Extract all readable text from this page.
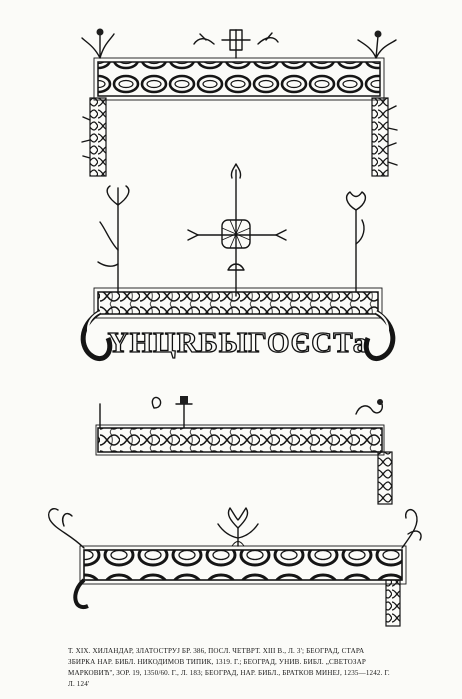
ҮНЦRБЫГОЄСТа
Т. XIX. ХИЛАНДАР, ЗЛАТОСТРУЈ БР. 386, ПОСЛ. ЧЕТВРТ. XIII В., Л. 3'; БЕОГРАД, СТАРА
ЗБИРКА НАР. БИБЛ. НИКОДИМОВ ТИПИК, 1319. Г.; БЕОГРАД, УНИВ. БИБЛ. „СВЕТОЗАР
МАРКОВИЋ", ЗОР. 19, 1350/60. Г., Л. 183; БЕОГРАД, НАР. БИБЛ., БРАТКОВ МИНЕЈ, 1235—1242. Г.
Л. 124'
